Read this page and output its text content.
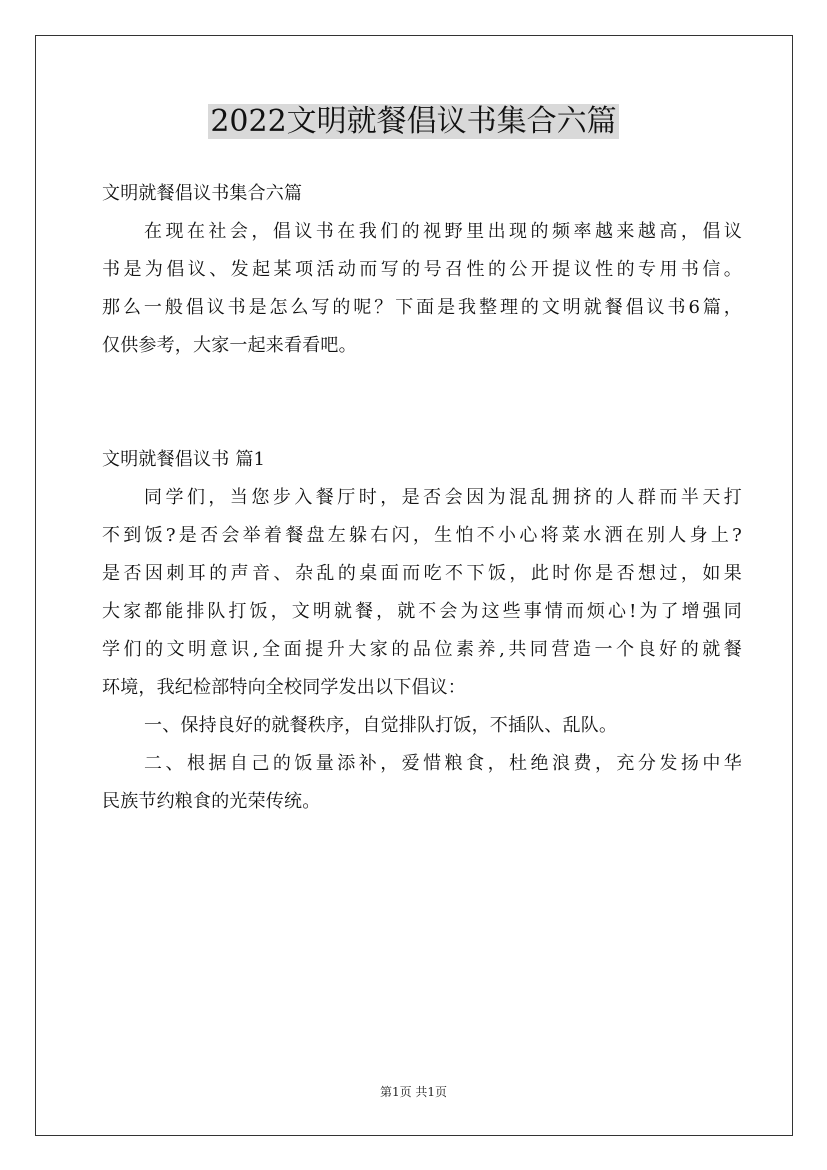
2022文明就餐倡议书集合六篇
文明就餐倡议书集合六篇
在现在社会，倡议书在我们的视野里出现的频率越来越高，倡议
书是为倡议、发起某项活动而写的号召性的公开提议性的专用书信。
那么一般倡议书是怎么写的呢？下面是我整理的文明就餐倡议书6篇，
仅供参考，大家一起来看看吧。
文明就餐倡议书 篇1
同学们，当您步入餐厅时，是否会因为混乱拥挤的人群而半天打
不到饭?是否会举着餐盘左躲右闪，生怕不小心将菜水洒在别人身上?
是否因刺耳的声音、杂乱的桌面而吃不下饭，此时你是否想过，如果
大家都能排队打饭，文明就餐，就不会为这些事情而烦心!为了增强同
学们的文明意识,全面提升大家的品位素养,共同营造一个良好的就餐
环境，我纪检部特向全校同学发出以下倡议：
一、保持良好的就餐秩序，自觉排队打饭，不插队、乱队。
二、根据自己的饭量添补，爱惜粮食，杜绝浪费，充分发扬中华
民族节约粮食的光荣传统。
第1页 共1页
